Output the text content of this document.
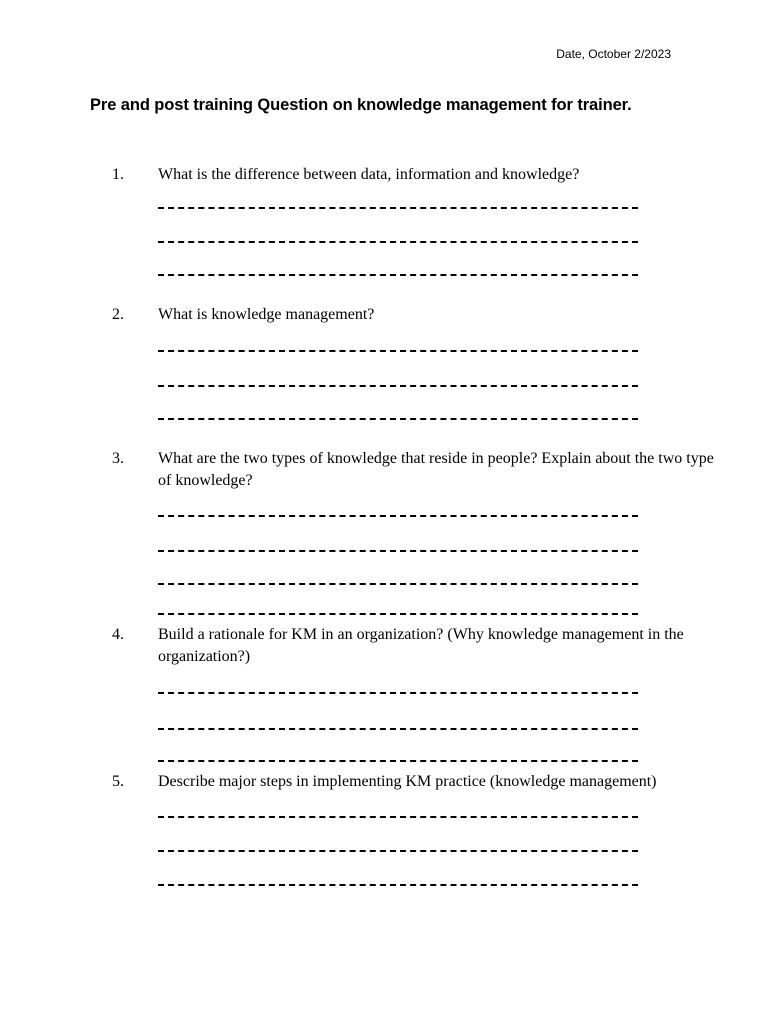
Date, October 2/2023
Pre and post training Question on knowledge management for trainer.
1.	What is the difference between data, information and knowledge?
2.	What is knowledge management?
3.	What are the two types of knowledge that reside in people? Explain about the two type of knowledge?
4.	Build a rationale for KM in an organization? (Why knowledge management in the organization?)
5.	Describe major steps in implementing KM practice (knowledge management)
